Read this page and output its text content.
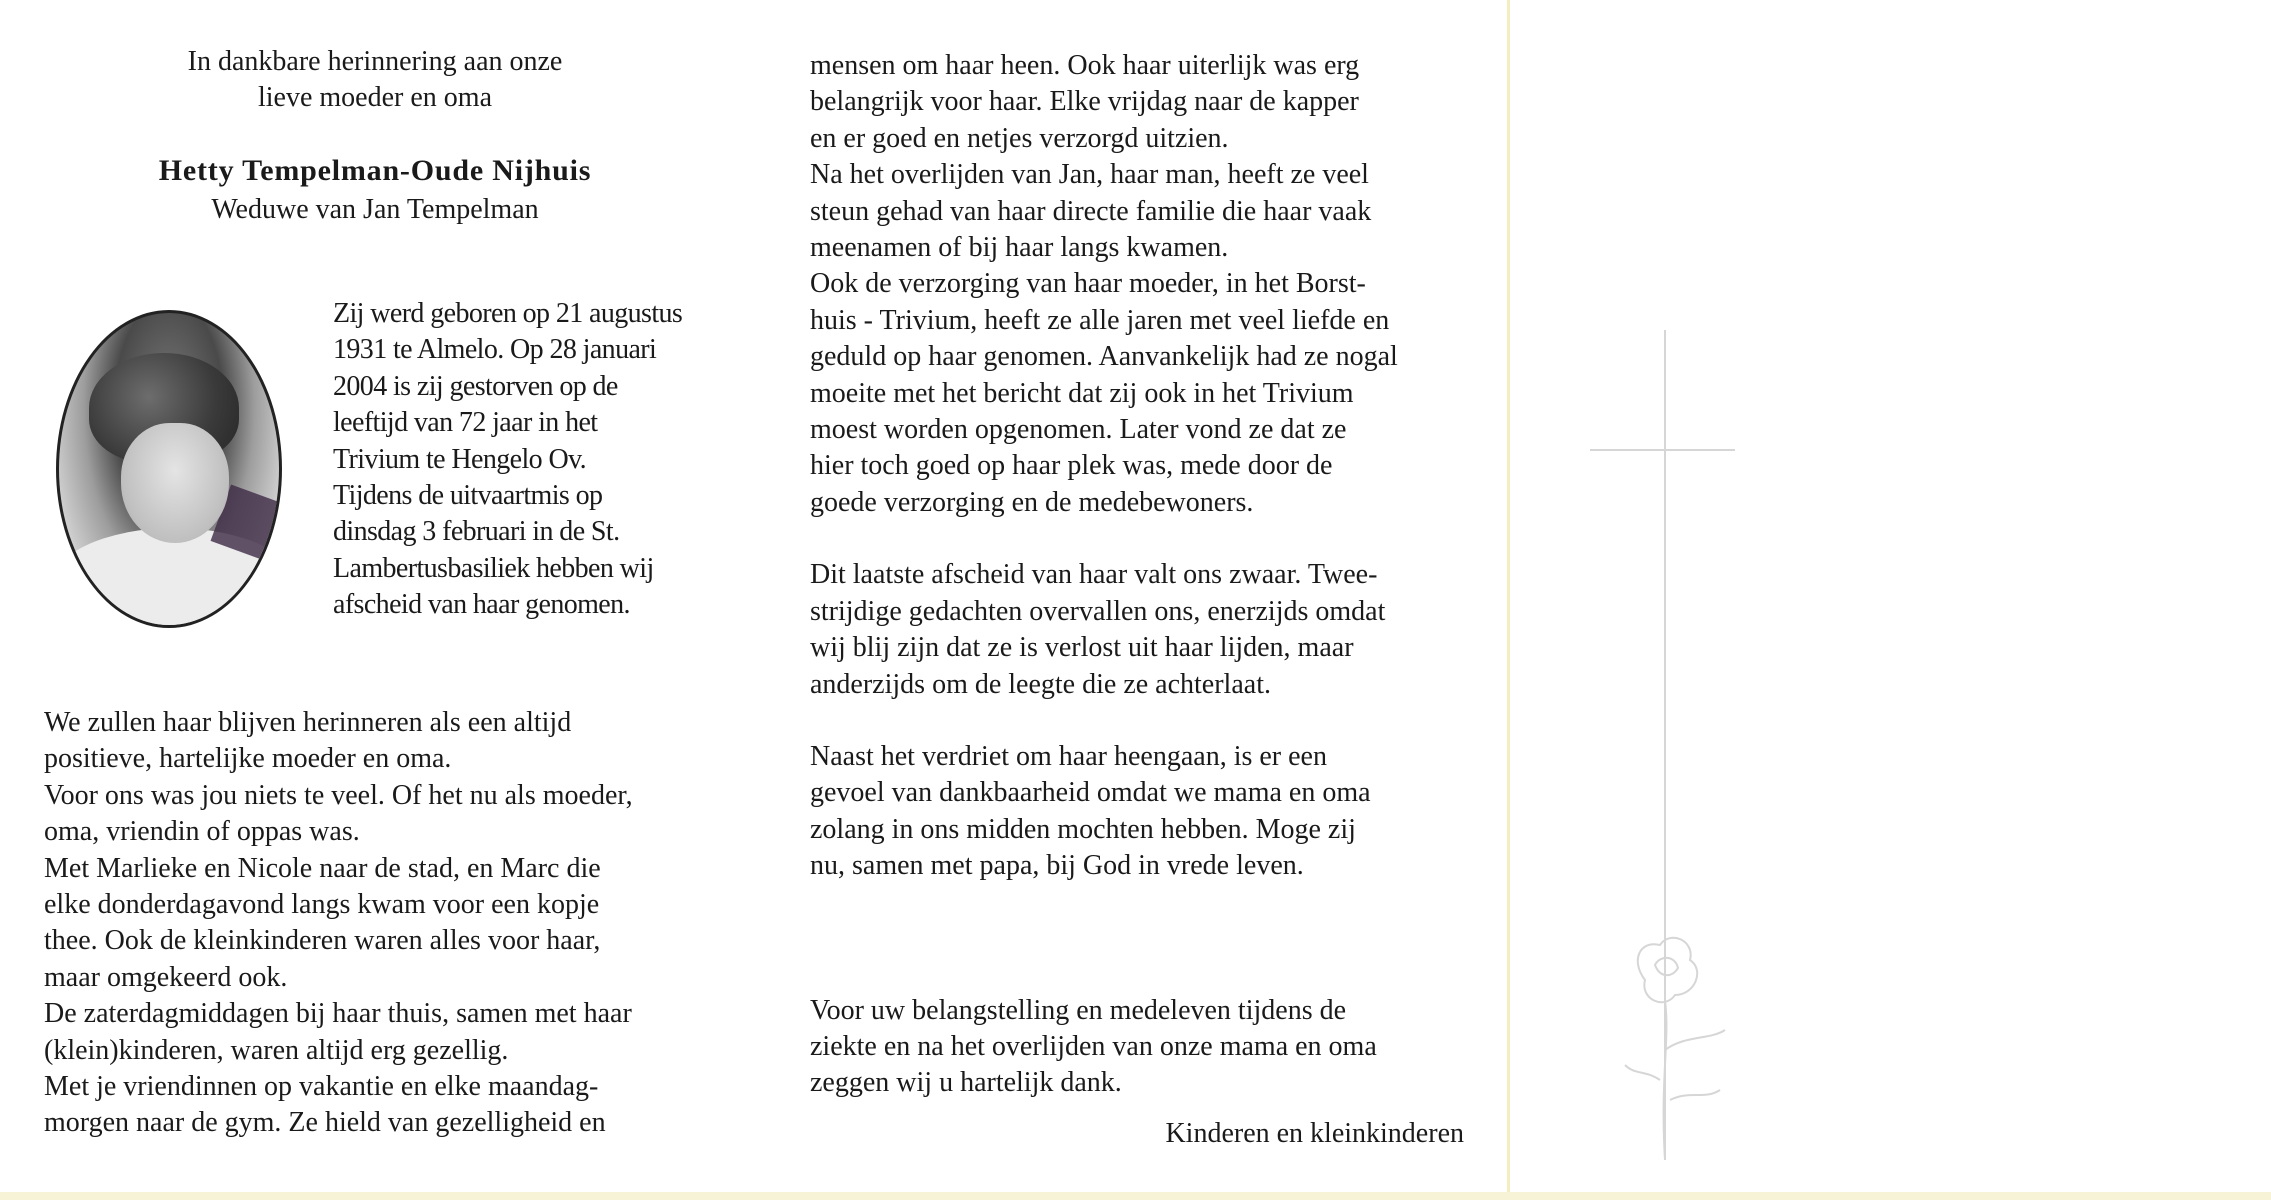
In dankbare herinnering aan onze
lieve moeder en oma
Hetty Tempelman-Oude Nijhuis
Weduwe van Jan Tempelman
Zij werd geboren op 21 augustus
1931 te Almelo. Op 28 januari
2004 is zij gestorven op de
leeftijd van 72 jaar in het
Trivium te Hengelo Ov.
Tijdens de uitvaartmis op
dinsdag 3 februari in de St.
Lambertusbasiliek hebben wij
afscheid van haar genomen.
We zullen haar blijven herinneren als een altijd
positieve, hartelijke moeder en oma.
Voor ons was jou niets te veel. Of het nu als moeder,
oma, vriendin of oppas was.
Met Marlieke en Nicole naar de stad, en Marc die
elke donderdagavond langs kwam voor een kopje
thee. Ook de kleinkinderen waren alles voor haar,
maar omgekeerd ook.
De zaterdagmiddagen bij haar thuis, samen met haar
(klein)kinderen, waren altijd erg gezellig.
Met je vriendinnen op vakantie en elke maandag-
morgen naar de gym. Ze hield van gezelligheid en
mensen om haar heen. Ook haar uiterlijk was erg
belangrijk voor haar. Elke vrijdag naar de kapper
en er goed en netjes verzorgd uitzien.
Na het overlijden van Jan, haar man, heeft ze veel
steun gehad van haar directe familie die haar vaak
meenamen of bij haar langs kwamen.
Ook de verzorging van haar moeder, in het Borst-
huis - Trivium, heeft ze alle jaren met veel liefde en
geduld op haar genomen. Aanvankelijk had ze nogal
moeite met het bericht dat zij ook in het Trivium
moest worden opgenomen. Later vond ze dat ze
hier toch goed op haar plek was, mede door de
goede verzorging en de medebewoners.
Dit laatste afscheid van haar valt ons zwaar. Twee-
strijdige gedachten overvallen ons, enerzijds omdat
wij blij zijn dat ze is verlost uit haar lijden, maar
anderzijds om de leegte die ze achterlaat.
Naast het verdriet om haar heengaan, is er een
gevoel van dankbaarheid omdat we mama en oma
zolang in ons midden mochten hebben. Moge zij
nu, samen met papa, bij God in vrede leven.
Voor uw belangstelling en medeleven tijdens de
ziekte en na het overlijden van onze mama en oma
zeggen wij u hartelijk dank.
Kinderen en kleinkinderen
